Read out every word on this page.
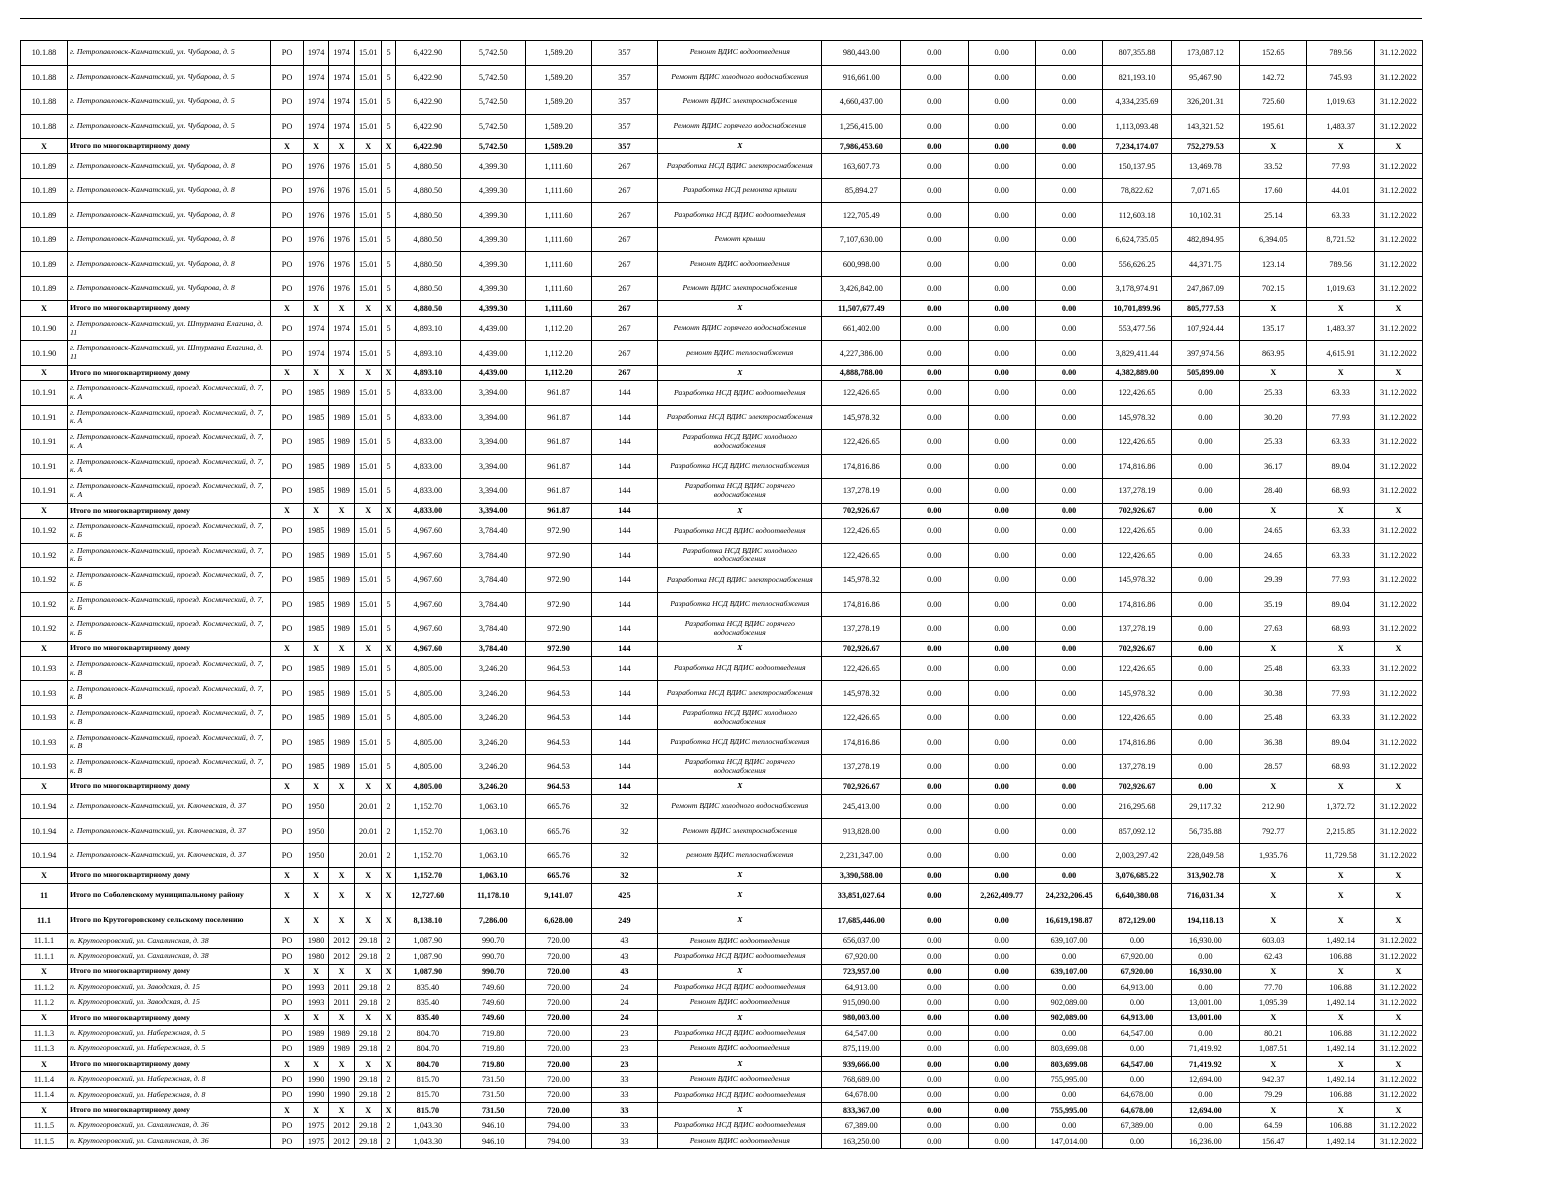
10.1.88	г. Петропавловск-Камчатский, ул. Чубарова, д. 5	РО	1974	1974	15.01	5	6,422.90	5,742.50	1,589.20	357	Ремонт ВДИС водоотведения	980,443.00	0.00	0.00	0.00	807,355.88	173,087.12	152.65	789.56	31.12.2022
10.1.88	г. Петропавловск-Камчатский, ул. Чубарова, д. 5	РО	1974	1974	15.01	5	6,422.90	5,742.50	1,589.20	357	Ремонт ВДИС холодного водоснабжения	916,661.00	0.00	0.00	0.00	821,193.10	95,467.90	142.72	745.93	31.12.2022
10.1.88	г. Петропавловск-Камчатский, ул. Чубарова, д. 5	РО	1974	1974	15.01	5	6,422.90	5,742.50	1,589.20	357	Ремонт ВДИС электроснабжения	4,660,437.00	0.00	0.00	0.00	4,334,235.69	326,201.31	725.60	1,019.63	31.12.2022
10.1.88	г. Петропавловск-Камчатский, ул. Чубарова, д. 5	РО	1974	1974	15.01	5	6,422.90	5,742.50	1,589.20	357	Ремонт ВДИС горячего водоснабжения	1,256,415.00	0.00	0.00	0.00	1,113,093.48	143,321.52	195.61	1,483.37	31.12.2022
X	Итого по многоквартирному дому	X	X	X	X	X	6,422.90	5,742.50	1,589.20	357	X	7,986,453.60	0.00	0.00	0.00	7,234,174.07	752,279.53	X	X	X
10.1.89	г. Петропавловск-Камчатский, ул. Чубарова, д. 8	РО	1976	1976	15.01	5	4,880.50	4,399.30	1,111.60	267	Разработка НСД ВДИС электроснабжения	163,607.73	0.00	0.00	0.00	150,137.95	13,469.78	33.52	77.93	31.12.2022
10.1.89	г. Петропавловск-Камчатский, ул. Чубарова, д. 8	РО	1976	1976	15.01	5	4,880.50	4,399.30	1,111.60	267	Разработка НСД ремонта крыши	85,894.27	0.00	0.00	0.00	78,822.62	7,071.65	17.60	44.01	31.12.2022
10.1.89	г. Петропавловск-Камчатский, ул. Чубарова, д. 8	РО	1976	1976	15.01	5	4,880.50	4,399.30	1,111.60	267	Разработка НСД ВДИС водоотведения	122,705.49	0.00	0.00	0.00	112,603.18	10,102.31	25.14	63.33	31.12.2022
10.1.89	г. Петропавловск-Камчатский, ул. Чубарова, д. 8	РО	1976	1976	15.01	5	4,880.50	4,399.30	1,111.60	267	Ремонт крыши	7,107,630.00	0.00	0.00	0.00	6,624,735.05	482,894.95	6,394.05	8,721.52	31.12.2022
10.1.89	г. Петропавловск-Камчатский, ул. Чубарова, д. 8	РО	1976	1976	15.01	5	4,880.50	4,399.30	1,111.60	267	Ремонт ВДИС водоотведения	600,998.00	0.00	0.00	0.00	556,626.25	44,371.75	123.14	789.56	31.12.2022
10.1.89	г. Петропавловск-Камчатский, ул. Чубарова, д. 8	РО	1976	1976	15.01	5	4,880.50	4,399.30	1,111.60	267	Ремонт ВДИС электроснабжения	3,426,842.00	0.00	0.00	0.00	3,178,974.91	247,867.09	702.15	1,019.63	31.12.2022
X	Итого по многоквартирному дому	X	X	X	X	X	4,880.50	4,399.30	1,111.60	267	X	11,507,677.49	0.00	0.00	0.00	10,701,899.96	805,777.53	X	X	X
10.1.90	г. Петропавловск-Камчатский, ул. Штурмана Елагина, д. 11	РО	1974	1974	15.01	5	4,893.10	4,439.00	1,112.20	267	Ремонт ВДИС горячего водоснабжения	661,402.00	0.00	0.00	0.00	553,477.56	107,924.44	135.17	1,483.37	31.12.2022
10.1.90	г. Петропавловск-Камчатский, ул. Штурмана Елагина, д. 11	РО	1974	1974	15.01	5	4,893.10	4,439.00	1,112.20	267	ремонт ВДИС теплоснабжения	4,227,386.00	0.00	0.00	0.00	3,829,411.44	397,974.56	863.95	4,615.91	31.12.2022
X	Итого по многоквартирному дому	X	X	X	X	X	4,893.10	4,439.00	1,112.20	267	X	4,888,788.00	0.00	0.00	0.00	4,382,889.00	505,899.00	X	X	X
10.1.91	г. Петропавловск-Камчатский, проезд. Космический, д. 7, к. А	РО	1985	1989	15.01	5	4,833.00	3,394.00	961.87	144	Разработка НСД ВДИС водоотведения	122,426.65	0.00	0.00	0.00	122,426.65	0.00	25.33	63.33	31.12.2022
10.1.91	г. Петропавловск-Камчатский, проезд. Космический, д. 7, к. А	РО	1985	1989	15.01	5	4,833.00	3,394.00	961.87	144	Разработка НСД ВДИС электроснабжения	145,978.32	0.00	0.00	0.00	145,978.32	0.00	30.20	77.93	31.12.2022
10.1.91	г. Петропавловск-Камчатский, проезд. Космический, д. 7, к. А	РО	1985	1989	15.01	5	4,833.00	3,394.00	961.87	144	Разработка НСД ВДИС холодного водоснабжения	122,426.65	0.00	0.00	0.00	122,426.65	0.00	25.33	63.33	31.12.2022
10.1.91	г. Петропавловск-Камчатский, проезд. Космический, д. 7, к. А	РО	1985	1989	15.01	5	4,833.00	3,394.00	961.87	144	Разработка НСД ВДИС теплоснабжения	174,816.86	0.00	0.00	0.00	174,816.86	0.00	36.17	89.04	31.12.2022
10.1.91	г. Петропавловск-Камчатский, проезд. Космический, д. 7, к. А	РО	1985	1989	15.01	5	4,833.00	3,394.00	961.87	144	Разработка НСД ВДИС горячего водоснабжения	137,278.19	0.00	0.00	0.00	137,278.19	0.00	28.40	68.93	31.12.2022
X	Итого по многоквартирному дому	X	X	X	X	X	4,833.00	3,394.00	961.87	144	X	702,926.67	0.00	0.00	0.00	702,926.67	0.00	X	X	X
10.1.92	г. Петропавловск-Камчатский, проезд. Космический, д. 7, к. Б	РО	1985	1989	15.01	5	4,967.60	3,784.40	972.90	144	Разработка НСД ВДИС водоотведения	122,426.65	0.00	0.00	0.00	122,426.65	0.00	24.65	63.33	31.12.2022
10.1.92	г. Петропавловск-Камчатский, проезд. Космический, д. 7, к. Б	РО	1985	1989	15.01	5	4,967.60	3,784.40	972.90	144	Разработка НСД ВДИС холодного водоснабжения	122,426.65	0.00	0.00	0.00	122,426.65	0.00	24.65	63.33	31.12.2022
10.1.92	г. Петропавловск-Камчатский, проезд. Космический, д. 7, к. Б	РО	1985	1989	15.01	5	4,967.60	3,784.40	972.90	144	Разработка НСД ВДИС электроснабжения	145,978.32	0.00	0.00	0.00	145,978.32	0.00	29.39	77.93	31.12.2022
10.1.92	г. Петропавловск-Камчатский, проезд. Космический, д. 7, к. Б	РО	1985	1989	15.01	5	4,967.60	3,784.40	972.90	144	Разработка НСД ВДИС теплоснабжения	174,816.86	0.00	0.00	0.00	174,816.86	0.00	35.19	89.04	31.12.2022
10.1.92	г. Петропавловск-Камчатский, проезд. Космический, д. 7, к. Б	РО	1985	1989	15.01	5	4,967.60	3,784.40	972.90	144	Разработка НСД ВДИС горячего водоснабжения	137,278.19	0.00	0.00	0.00	137,278.19	0.00	27.63	68.93	31.12.2022
X	Итого по многоквартирному дому	X	X	X	X	X	4,967.60	3,784.40	972.90	144	X	702,926.67	0.00	0.00	0.00	702,926.67	0.00	X	X	X
10.1.93	г. Петропавловск-Камчатский, проезд. Космический, д. 7, к. В	РО	1985	1989	15.01	5	4,805.00	3,246.20	964.53	144	Разработка НСД ВДИС водоотведения	122,426.65	0.00	0.00	0.00	122,426.65	0.00	25.48	63.33	31.12.2022
10.1.93	г. Петропавловск-Камчатский, проезд. Космический, д. 7, к. В	РО	1985	1989	15.01	5	4,805.00	3,246.20	964.53	144	Разработка НСД ВДИС электроснабжения	145,978.32	0.00	0.00	0.00	145,978.32	0.00	30.38	77.93	31.12.2022
10.1.93	г. Петропавловск-Камчатский, проезд. Космический, д. 7, к. В	РО	1985	1989	15.01	5	4,805.00	3,246.20	964.53	144	Разработка НСД ВДИС холодного водоснабжения	122,426.65	0.00	0.00	0.00	122,426.65	0.00	25.48	63.33	31.12.2022
10.1.93	г. Петропавловск-Камчатский, проезд. Космический, д. 7, к. В	РО	1985	1989	15.01	5	4,805.00	3,246.20	964.53	144	Разработка НСД ВДИС теплоснабжения	174,816.86	0.00	0.00	0.00	174,816.86	0.00	36.38	89.04	31.12.2022
10.1.93	г. Петропавловск-Камчатский, проезд. Космический, д. 7, к. В	РО	1985	1989	15.01	5	4,805.00	3,246.20	964.53	144	Разработка НСД ВДИС горячего водоснабжения	137,278.19	0.00	0.00	0.00	137,278.19	0.00	28.57	68.93	31.12.2022
X	Итого по многоквартирному дому	X	X	X	X	X	4,805.00	3,246.20	964.53	144	X	702,926.67	0.00	0.00	0.00	702,926.67	0.00	X	X	X
10.1.94	г. Петропавловск-Камчатский, ул. Ключевская, д. 37	РО	1950		20.01	2	1,152.70	1,063.10	665.76	32	Ремонт ВДИС холодного водоснабжения	245,413.00	0.00	0.00	0.00	216,295.68	29,117.32	212.90	1,372.72	31.12.2022
10.1.94	г. Петропавловск-Камчатский, ул. Ключевская, д. 37	РО	1950		20.01	2	1,152.70	1,063.10	665.76	32	Ремонт ВДИС электроснабжения	913,828.00	0.00	0.00	0.00	857,092.12	56,735.88	792.77	2,215.85	31.12.2022
10.1.94	г. Петропавловск-Камчатский, ул. Ключевская, д. 37	РО	1950		20.01	2	1,152.70	1,063.10	665.76	32	ремонт ВДИС теплоснабжения	2,231,347.00	0.00	0.00	0.00	2,003,297.42	228,049.58	1,935.76	11,729.58	31.12.2022
X	Итого по многоквартирному дому	X	X	X	X	X	1,152.70	1,063.10	665.76	32	X	3,390,588.00	0.00	0.00	0.00	3,076,685.22	313,902.78	X	X	X
11	Итого по Соболевскому муниципальному району	X	X	X	X	X	12,727.60	11,178.10	9,141.07	425	X	33,851,027.64	0.00	2,262,409.77	24,232,206.45	6,640,380.08	716,031.34	X	X	X
11.1	Итого по Крутогоровскому сельскому поселению	X	X	X	X	X	8,138.10	7,286.00	6,628.00	249	X	17,685,446.00	0.00	0.00	16,619,198.87	872,129.00	194,118.13	X	X	X
11.1.1	п. Крутогоровский, ул. Сахалинская, д. 38	РО	1980	2012	29.18	2	1,087.90	990.70	720.00	43	Ремонт ВДИС водоотведения	656,037.00	0.00	0.00	639,107.00	0.00	16,930.00	603.03	1,492.14	31.12.2022
11.1.1	п. Крутогоровский, ул. Сахалинская, д. 38	РО	1980	2012	29.18	2	1,087.90	990.70	720.00	43	Разработка НСД ВДИС водоотведения	67,920.00	0.00	0.00	0.00	67,920.00	0.00	62.43	106.88	31.12.2022
X	Итого по многоквартирному дому	X	X	X	X	X	1,087.90	990.70	720.00	43	X	723,957.00	0.00	0.00	639,107.00	67,920.00	16,930.00	X	X	X
11.1.2	п. Крутогоровский, ул. Заводская, д. 15	РО	1993	2011	29.18	2	835.40	749.60	720.00	24	Разработка НСД ВДИС водоотведения	64,913.00	0.00	0.00	0.00	64,913.00	0.00	77.70	106.88	31.12.2022
11.1.2	п. Крутогоровский, ул. Заводская, д. 15	РО	1993	2011	29.18	2	835.40	749.60	720.00	24	Ремонт ВДИС водоотведения	915,090.00	0.00	0.00	902,089.00	0.00	13,001.00	1,095.39	1,492.14	31.12.2022
X	Итого по многоквартирному дому	X	X	X	X	X	835.40	749.60	720.00	24	X	980,003.00	0.00	0.00	902,089.00	64,913.00	13,001.00	X	X	X
11.1.3	п. Крутогоровский, ул. Набережная, д. 5	РО	1989	1989	29.18	2	804.70	719.80	720.00	23	Разработка НСД ВДИС водоотведения	64,547.00	0.00	0.00	0.00	64,547.00	0.00	80.21	106.88	31.12.2022
11.1.3	п. Крутогоровский, ул. Набережная, д. 5	РО	1989	1989	29.18	2	804.70	719.80	720.00	23	Ремонт ВДИС водоотведения	875,119.00	0.00	0.00	803,699.08	0.00	71,419.92	1,087.51	1,492.14	31.12.2022
X	Итого по многоквартирному дому	X	X	X	X	X	804.70	719.80	720.00	23	X	939,666.00	0.00	0.00	803,699.08	64,547.00	71,419.92	X	X	X
11.1.4	п. Крутогоровский, ул. Набережная, д. 8	РО	1990	1990	29.18	2	815.70	731.50	720.00	33	Ремонт ВДИС водоотведения	768,689.00	0.00	0.00	755,995.00	0.00	12,694.00	942.37	1,492.14	31.12.2022
11.1.4	п. Крутогоровский, ул. Набережная, д. 8	РО	1990	1990	29.18	2	815.70	731.50	720.00	33	Разработка НСД ВДИС водоотведения	64,678.00	0.00	0.00	0.00	64,678.00	0.00	79.29	106.88	31.12.2022
X	Итого по многоквартирному дому	X	X	X	X	X	815.70	731.50	720.00	33	X	833,367.00	0.00	0.00	755,995.00	64,678.00	12,694.00	X	X	X
11.1.5	п. Крутогоровский, ул. Сахалинская, д. 36	РО	1975	2012	29.18	2	1,043.30	946.10	794.00	33	Разработка НСД ВДИС водоотведения	67,389.00	0.00	0.00	0.00	67,389.00	0.00	64.59	106.88	31.12.2022
11.1.5	п. Крутогоровский, ул. Сахалинская, д. 36	РО	1975	2012	29.18	2	1,043.30	946.10	794.00	33	Ремонт ВДИС водоотведения	163,250.00	0.00	0.00	147,014.00	0.00	16,236.00	156.47	1,492.14	31.12.2022
